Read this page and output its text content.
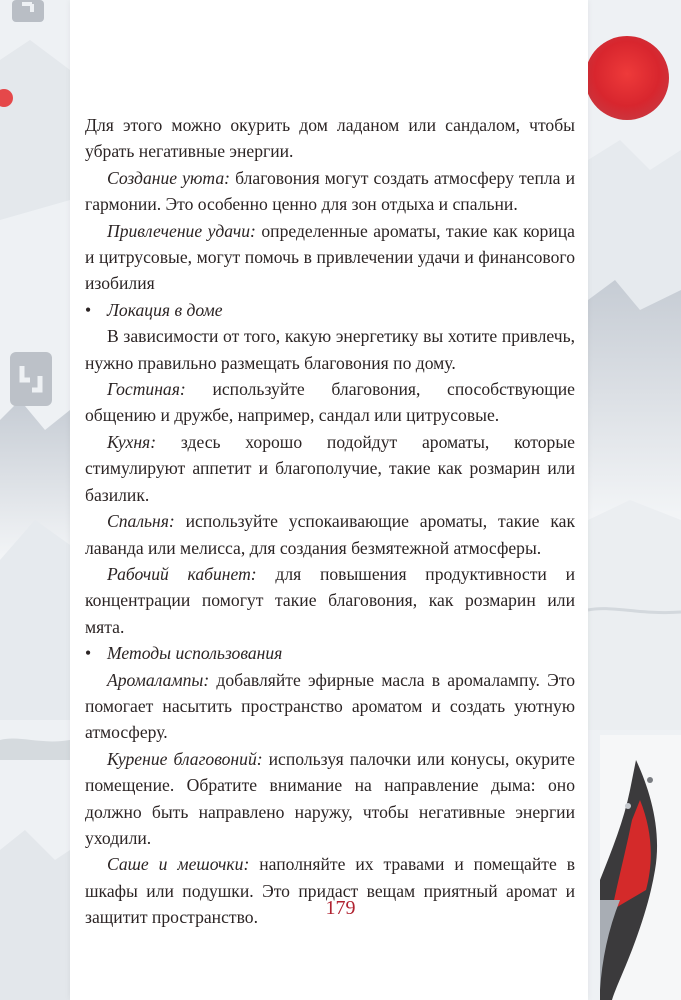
Для этого можно окурить дом ладаном или сандалом, чтобы убрать негативные энергии.

Создание уюта: благовония могут создать атмосферу тепла и гармонии. Это особенно ценно для зон отдыха и спальни.

Привлечение удачи: определенные ароматы, такие как корица и цитрусовые, могут помочь в привлечении удачи и финансового изобилия

• Локация в доме

В зависимости от того, какую энергетику вы хотите привлечь, нужно правильно размещать благовония по дому.

Гостиная: используйте благовония, способствующие общению и дружбе, например, сандал или цитрусовые.

Кухня: здесь хорошо подойдут ароматы, которые стимулируют аппетит и благополучие, такие как розмарин или базилик.

Спальня: используйте успокаивающие ароматы, такие как лаванда или мелисса, для создания безмятежной атмосферы.

Рабочий кабинет: для повышения продуктивности и концентрации помогут такие благовония, как розмарин или мята.

• Методы использования

Аромалампы: добавляйте эфирные масла в аромалампу. Это помогает насытить пространство ароматом и создать уютную атмосферу.

Курение благовоний: используя палочки или конусы, окурите помещение. Обратите внимание на направление дыма: оно должно быть направлено наружу, чтобы негативные энергии уходили.

Саше и мешочки: наполняйте их травами и помещайте в шкафы или подушки. Это придаст вещам приятный аромат и защитит пространство.	179
